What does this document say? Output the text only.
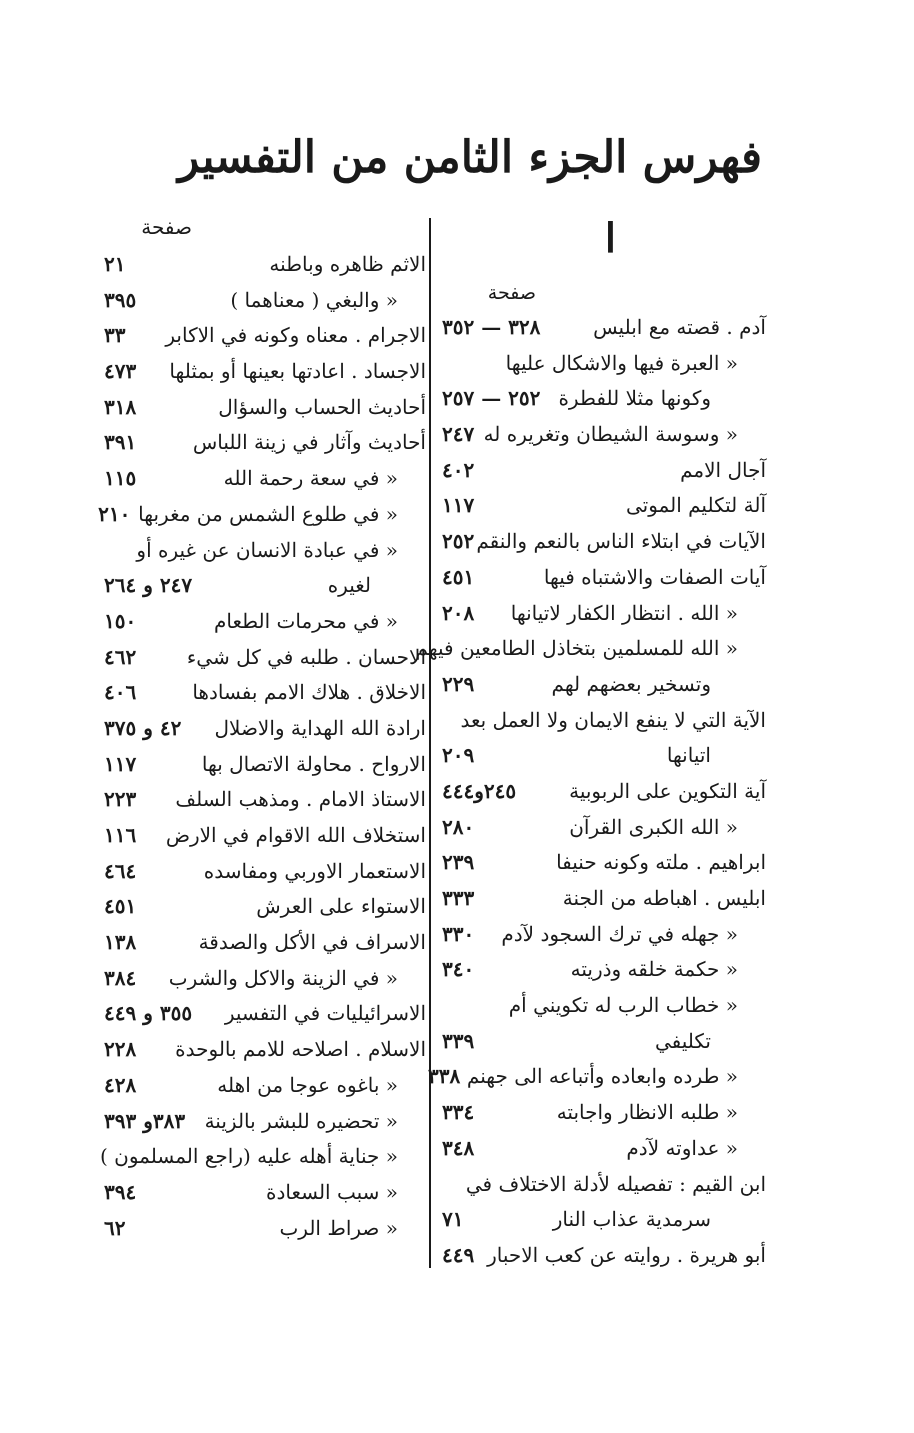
فهرس الجزء الثامن من التفسير
ا
صفحة
آدم . قصته مع ابليس
٣٢٨ — ٣٥٢
« العبرة فيها والاشكال عليها
وكونها مثلا للفطرة
٢٥٢ — ٢٥٧
« وسوسة الشيطان وتغريره له
٢٤٧
آجال الامم
٤٠٢
آلة لتكليم الموتى
١١٧
الآيات في ابتلاء الناس بالنعم والنقم
٢٥٢
آيات الصفات والاشتباه فيها
٤٥١
« الله . انتظار الكفار لاتيانها
٢٠٨
« الله للمسلمين بتخاذل الطامعين فيهم
وتسخير بعضهم لهم
٢٢٩
الآية التي لا ينفع الايمان ولا العمل بعد
اتيانها
٢٠٩
آية التكوين على الربوبية
٢٤٥و٤٤٤
« الله الكبرى القرآن
٢٨٠
ابراهيم . ملته وكونه حنيفا
٢٣٩
ابليس . اهباطه من الجنة
٣٣٣
« جهله في ترك السجود لآدم
٣٣٠
« حكمة خلقه وذريته
٣٤٠
« خطاب الرب له تكويني أم
تكليفي
٣٣٩
« طرده وابعاده وأتباعه الى جهنم
٣٣٨
« طلبه الانظار واجابته
٣٣٤
« عداوته لآدم
٣٤٨
ابن القيم : تفصيله لأدلة الاختلاف في
سرمدية عذاب النار
٧١
أبو هريرة . روايته عن كعب الاحبار
٤٤٩
صفحة
الاثم ظاهره وباطنه
٢١
« والبغي ( معناهما )
٣٩٥
الاجرام . معناه وكونه في الاكابر
٣٣
الاجساد . اعادتها بعينها أو بمثلها
٤٧٣
أحاديث الحساب والسؤال
٣١٨
أحاديث وآثار في زينة اللباس
٣٩١
« في سعة رحمة الله
١١٥
« في طلوع الشمس من مغربها
٢١٠
« في عبادة الانسان عن غيره أو
لغيره
٢٤٧ و ٢٦٤
« في محرمات الطعام
١٥٠
الاحسان . طلبه في كل شيء
٤٦٢
الاخلاق . هلاك الامم بفسادها
٤٠٦
ارادة الله الهداية والاضلال
٤٢ و ٣٧٥
الارواح . محاولة الاتصال بها
١١٧
الاستاذ الامام . ومذهب السلف
٢٢٣
استخلاف الله الاقوام في الارض
١١٦
الاستعمار الاوربي ومفاسده
٤٦٤
الاستواء على العرش
٤٥١
الاسراف في الأكل والصدقة
١٣٨
« في الزينة والاكل والشرب
٣٨٤
الاسرائيليات في التفسير
٣٥٥ و ٤٤٩
الاسلام . اصلاحه للامم بالوحدة
٢٢٨
« باغوه عوجا من اهله
٤٢٨
« تحضيره للبشر بالزينة
٣٨٣و ٣٩٣
« جناية أهله عليه (راجع المسلمون )
« سبب السعادة
٣٩٤
« صراط الرب
٦٢
